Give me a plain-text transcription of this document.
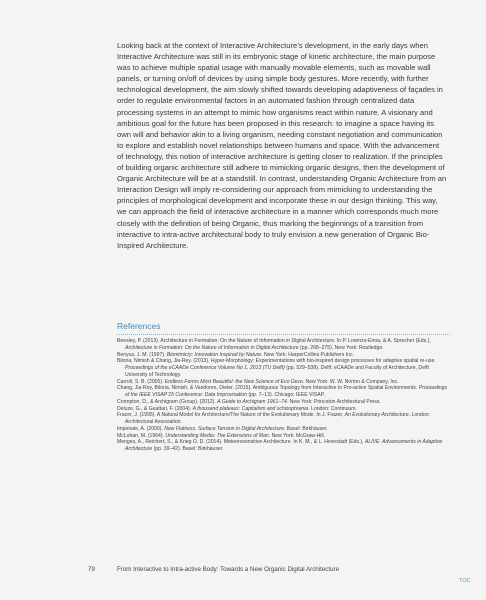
Looking back at the context of Interactive Architecture’s development, in the early days when Interactive Architecture was still in its embryonic stage of kinetic architecture, the main purpose was to achieve multiple spatial usage with manually movable elements, such as movable wall panels, or turning on/off of devices by using simple body gestures. More recently, with further technological development, the aim slowly shifted towards developing adaptiveness of façades in order to regulate environmental factors in an automated fashion through centralized data processing systems in an attempt to mimic how organisms react within nature. A visionary and ambitious goal for the future has been proposed in this research: to imagine a space having its own will and behavior akin to a living organism, needing constant negotiation and communication to explore and establish novel relationships between humans and space. With the advancement of technology, this notion of interactive architecture is getting closer to realization. If the principles of building organic architecture still adhere to mimicking organic designs, then the development of Organic Architecture will be at a standstill. In contrast, understanding Organic Architecture from an Interaction Design will imply re-considering our approach from mimicking to understanding the principles of morphological development and incorporate these in our design thinking. This way, we can approach the field of interactive architecture in a manner which corresponds much more closely with the definition of being Organic, thus marking the beginnings of a transition from interactive to intra-active architectural body to truly envision a new generation of Organic Bio-Inspired Architecture.

References

Beesley, P. (2013). Architecture in Formation: On the Nature of Information in Digital Architecture. In P. Lorenzo-Eiroa, & A. Sprecher (Eds.), Architecture in Formation: On the Nature of Information in Digital Architecture (pp. 268–275). New York: Routledge.

Benyus, J. M. (1997). Biomimicry: Innovation Inspired by Nature. New York: HarperCollins Publishers Inc.

Biloria, Nimish & Chang, Jia-Rey. (2013). Hyper-Morphology: Experimentations with bio-inspired design processes for adaptive spatial re-use. Proceedings of the eCAADe Conference Volume No 1, 2013 (TU Delft) (pp. 529–538). Delft: eCAADe and Faculty of Architecture, Delft University of Technology.

Carroll, S. B. (2005). Endless Forms Most Beautiful: the New Science of Evo Devo. New York: W. W. Norton & Company, Inc.

Chang, Jia-Rey, Biloria, Nimish, & Vandoren, Dieter. (2015). Ambiguous Topology from Interactive to Pro-active Spatial Environments. Proceedings of the IEEE VISAP’15 Conference: Data Improvisation (pp. 7–13). Chicago: IEEE VISAP.

Crompton, D., & Archigram (Group). (2012). A Guide to Archigram 1961–74. New York: Princeton Architectural Press.

Deluze, G., & Guattari, F. (2004). A thousand plateaus: Capitalism and schizophrenia. London: Continuum.

Frazer, J. (1995). A Natural Model for Architecture/The Nature of the Evolutionary Mode. In J. Frazer, An Evolutionary Architecture. London: Architectural Association.

Imperiale, A. (2000). New Flatness. Surface Tension in Digital Architecture. Basel: Birkhäuser.

McLuhan, M. (1964). Understanding Media: The Extensions of Man. New York: McGraw-Hill.

Menges, A., Reichert, S., & Krieg O. D. (2014). Meteorosensitive Architecture. In K. M., & L. Hovestadt (Eds.), ALIVE. Advancements in Adaptive Architecture (pp. 39–42). Basel: Birkhäuser.

79	From Interactive to Intra-active Body: Towards a New Organic Digital Architecture
TOC
